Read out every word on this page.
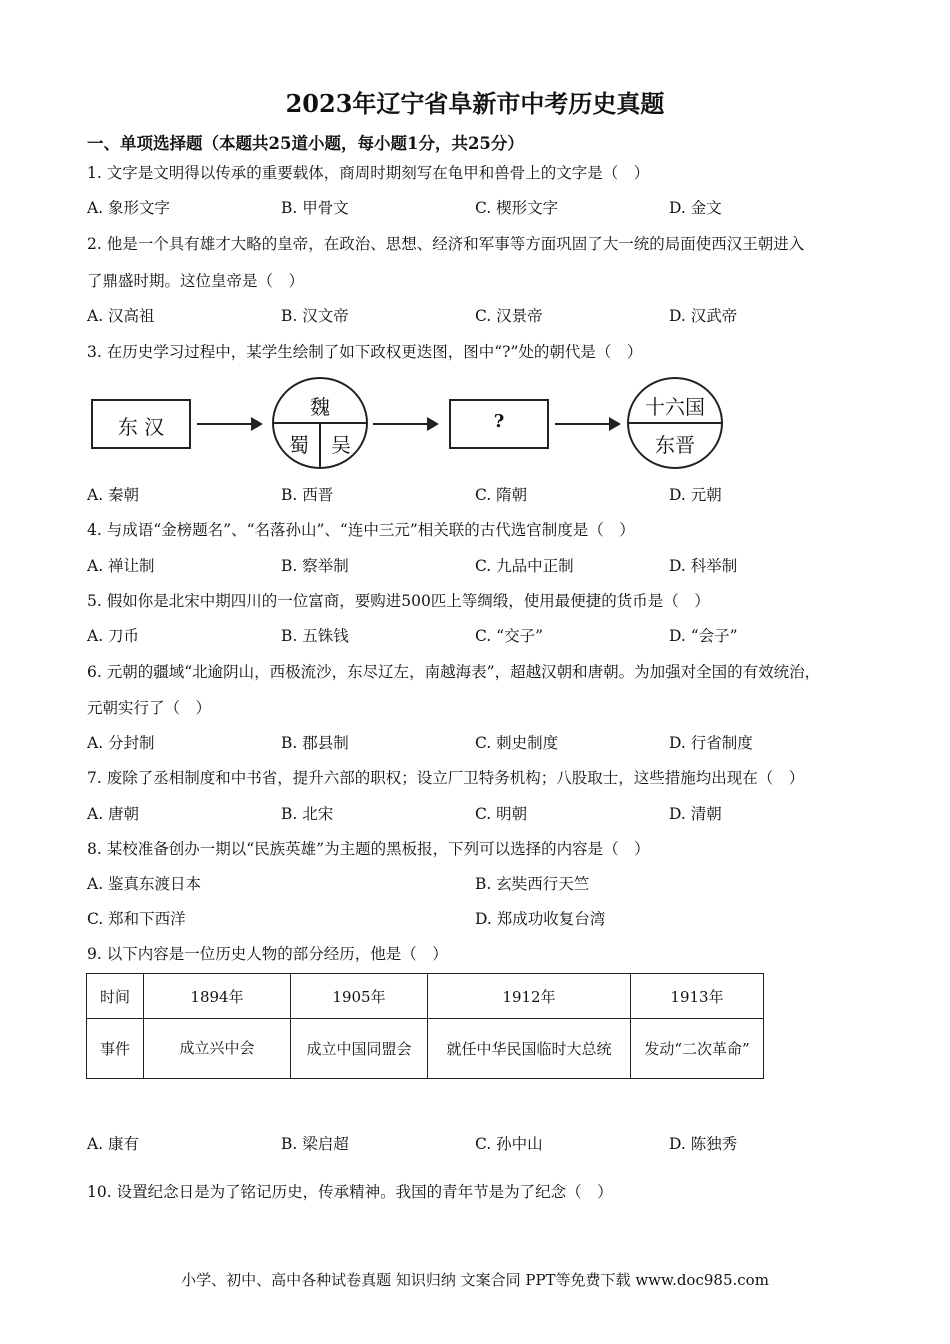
2023年辽宁省阜新市中考历史真题
一、单项选择题（本题共25道小题，每小题1分，共25分）
1. 文字是文明得以传承的重要载体，商周时期刻写在龟甲和兽骨上的文字是（　）
A. 象形文字	B. 甲骨文	C. 楔形文字	D. 金文
2. 他是一个具有雄才大略的皇帝，在政治、思想、经济和军事等方面巩固了大一统的局面使西汉王朝进入
了鼎盛时期。这位皇帝是（　）
A. 汉高祖	B. 汉文帝	C. 汉景帝	D. 汉武帝
3. 在历史学习过程中，某学生绘制了如下政权更迭图，图中“?”处的朝代是（　）
东 汉
魏
蜀	吴
?
十六国
东晋
A. 秦朝	B. 西晋	C. 隋朝	D. 元朝
4. 与成语“金榜题名”、“名落孙山”、“连中三元”相关联的古代选官制度是（　）
A. 禅让制	B. 察举制	C. 九品中正制	D. 科举制
5. 假如你是北宋中期四川的一位富商，要购进500匹上等绸缎，使用最便捷的货币是（　）
A. 刀币	B. 五铢钱	C. “交子”	D. “会子”
6. 元朝的疆域“北逾阴山，西极流沙，东尽辽左，南越海表”，超越汉朝和唐朝。为加强对全国的有效统治，
元朝实行了（　）
A. 分封制	B. 郡县制	C. 刺史制度	D. 行省制度
7. 废除了丞相制度和中书省，提升六部的职权；设立厂卫特务机构；八股取士，这些措施均出现在（　）
A. 唐朝	B. 北宋	C. 明朝	D. 清朝
8. 某校准备创办一期以“民族英雄”为主题的黑板报，下列可以选择的内容是（　）
A. 鉴真东渡日本	B. 玄奘西行天竺
C. 郑和下西洋	D. 郑成功收复台湾
9. 以下内容是一位历史人物的部分经历，他是（　）
时间	1894年	1905年	1912年	1913年
事件	成立兴中会	成立中国同盟会	就任中华民国临时大总统	发动“二次革命”
A. 康有	B. 梁启超	C. 孙中山	D. 陈独秀
10. 设置纪念日是为了铭记历史，传承精神。我国的青年节是为了纪念（　）
小学、初中、高中各种试卷真题 知识归纳 文案合同 PPT等免费下载 www.doc985.com
